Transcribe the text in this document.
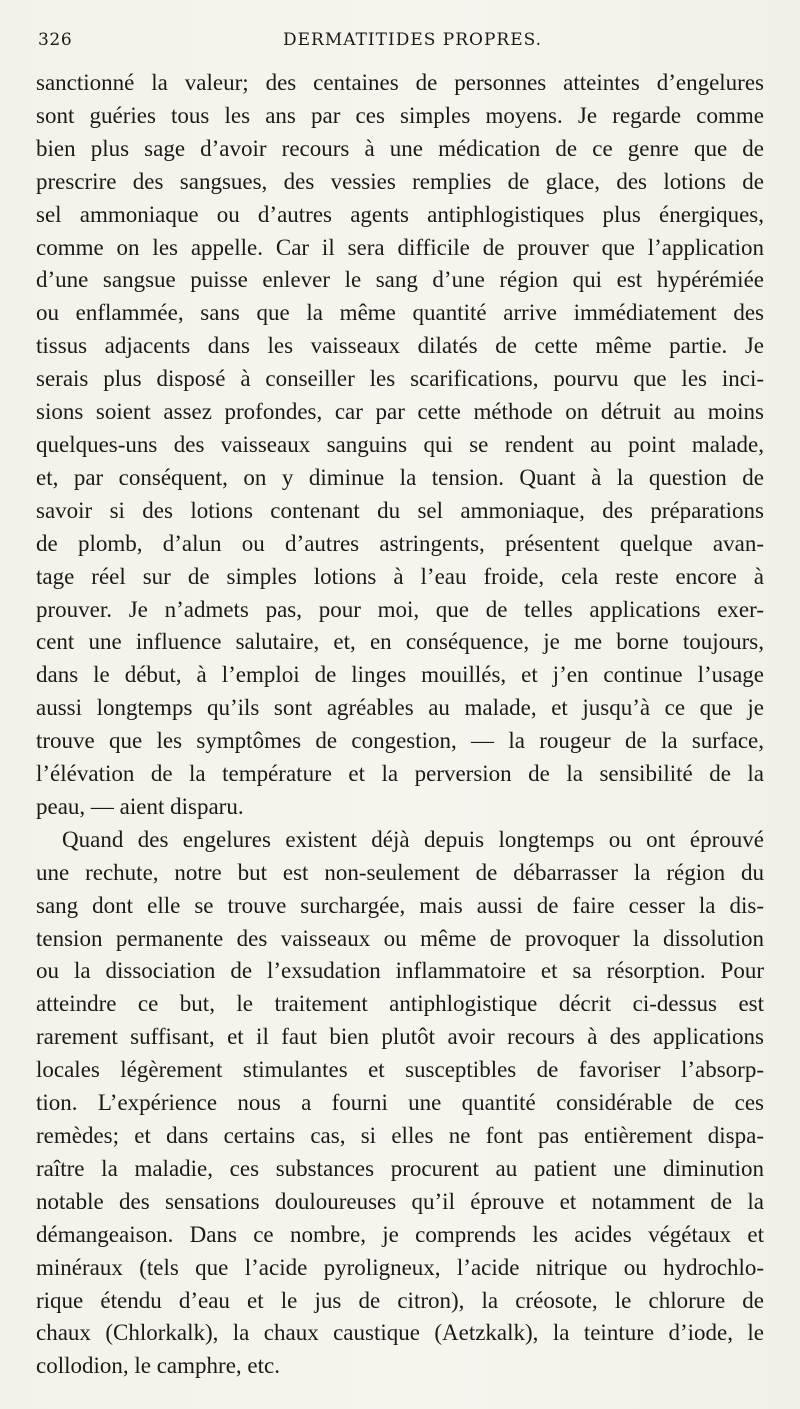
326	DERMATITIDES PROPRES.
sanctionné la valeur; des centaines de personnes atteintes d’engelures
sont guéries tous les ans par ces simples moyens. Je regarde comme
bien plus sage d’avoir recours à une médication de ce genre que de
prescrire des sangsues, des vessies remplies de glace, des lotions de
sel ammoniaque ou d’autres agents antiphlogistiques plus énergiques,
comme on les appelle. Car il sera difficile de prouver que l’application
d’une sangsue puisse enlever le sang d’une région qui est hypérémiée
ou enflammée, sans que la même quantité arrive immédiatement des
tissus adjacents dans les vaisseaux dilatés de cette même partie. Je
serais plus disposé à conseiller les scarifications, pourvu que les inci-
sions soient assez profondes, car par cette méthode on détruit au moins
quelques-uns des vaisseaux sanguins qui se rendent au point malade,
et, par conséquent, on y diminue la tension. Quant à la question de
savoir si des lotions contenant du sel ammoniaque, des préparations
de plomb, d’alun ou d’autres astringents, présentent quelque avan-
tage réel sur de simples lotions à l’eau froide, cela reste encore à
prouver. Je n’admets pas, pour moi, que de telles applications exer-
cent une influence salutaire, et, en conséquence, je me borne toujours,
dans le début, à l’emploi de linges mouillés, et j’en continue l’usage
aussi longtemps qu’ils sont agréables au malade, et jusqu’à ce que je
trouve que les symptômes de congestion, — la rougeur de la surface,
l’élévation de la température et la perversion de la sensibilité de la
peau, — aient disparu.
Quand des engelures existent déjà depuis longtemps ou ont éprouvé
une rechute, notre but est non-seulement de débarrasser la région du
sang dont elle se trouve surchargée, mais aussi de faire cesser la dis-
tension permanente des vaisseaux ou même de provoquer la dissolution
ou la dissociation de l’exsudation inflammatoire et sa résorption. Pour
atteindre ce but, le traitement antiphlogistique décrit ci-dessus est
rarement suffisant, et il faut bien plutôt avoir recours à des applications
locales légèrement stimulantes et susceptibles de favoriser l’absorp-
tion. L’expérience nous a fourni une quantité considérable de ces
remèdes; et dans certains cas, si elles ne font pas entièrement dispa-
raître la maladie, ces substances procurent au patient une diminution
notable des sensations douloureuses qu’il éprouve et notamment de la
démangeaison. Dans ce nombre, je comprends les acides végétaux et
minéraux (tels que l’acide pyroligneux, l’acide nitrique ou hydrochlo-
rique étendu d’eau et le jus de citron), la créosote, le chlorure de
chaux (Chlorkalk), la chaux caustique (Aetzkalk), la teinture d’iode, le
collodion, le camphre, etc.
